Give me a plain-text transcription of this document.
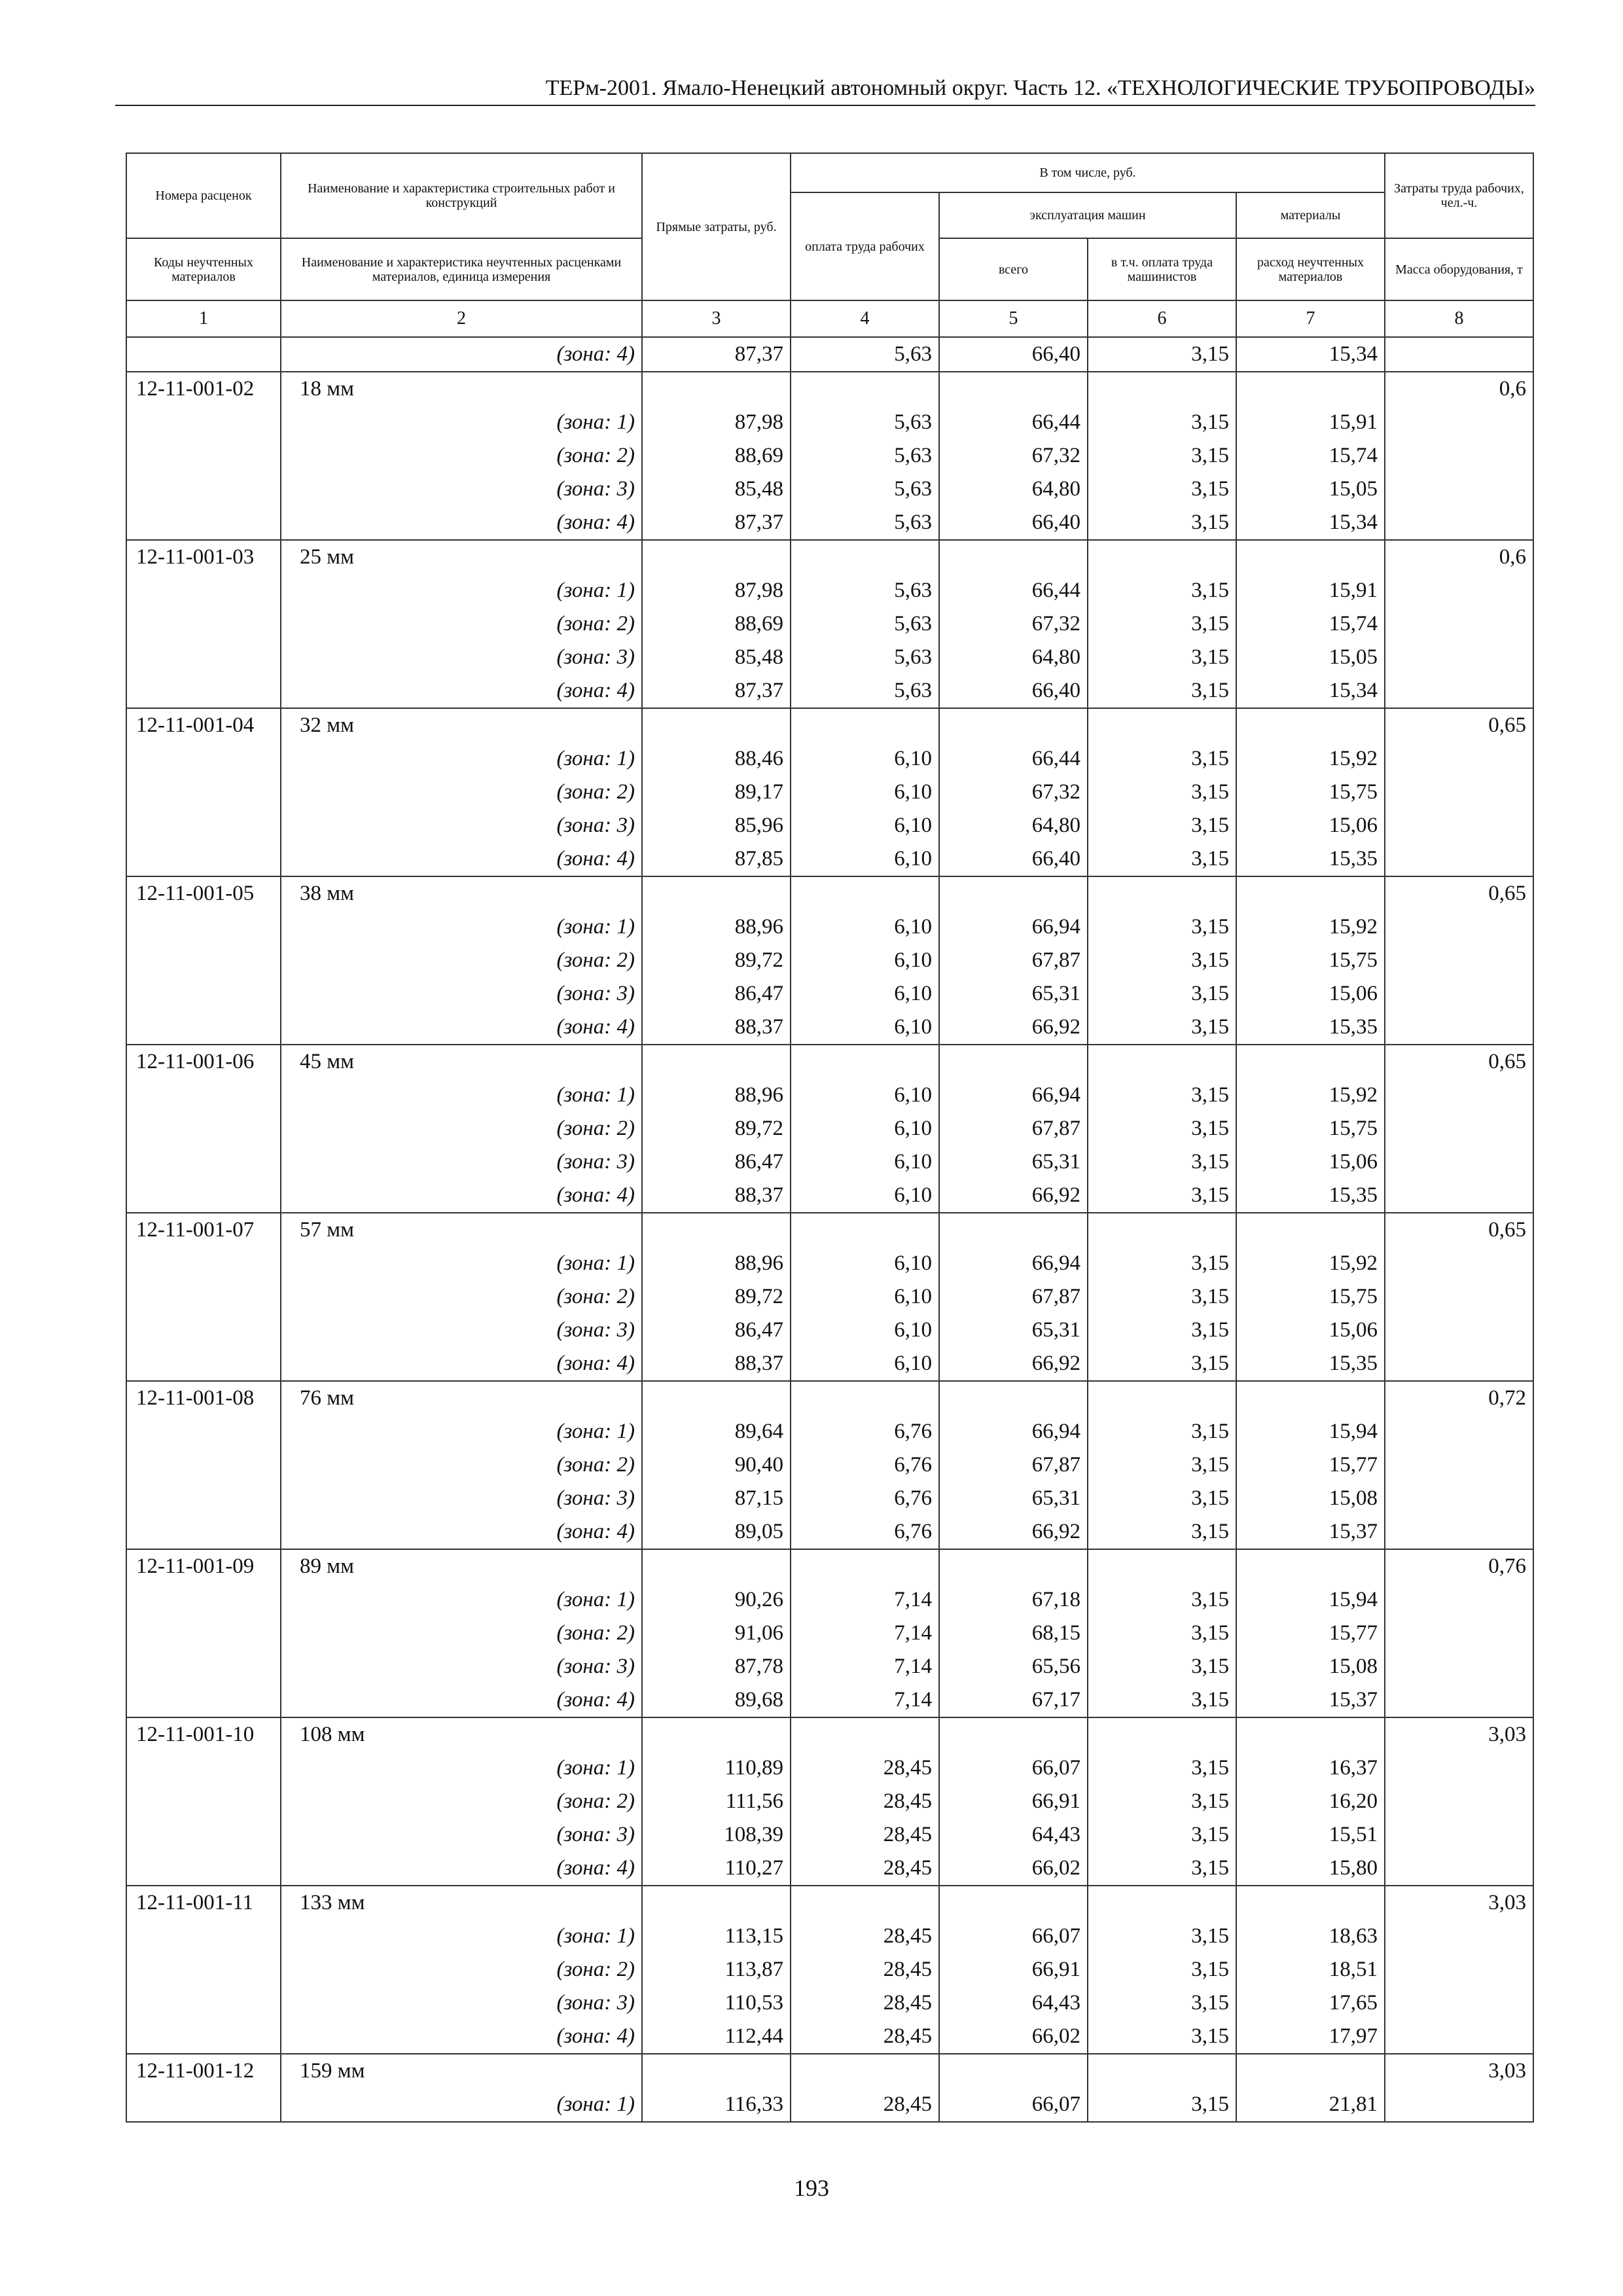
ТЕРм-2001. Ямало-Ненецкий автономный округ. Часть 12. «ТЕХНОЛОГИЧЕСКИЕ ТРУБОПРОВОДЫ»
Номера расценок	Наименование и характеристика строительных работ и конструкций	Прямые затраты, руб.	В том числе, руб.				Затраты труда рабочих, чел.-ч.
			оплата труда рабочих	эксплуатация машин		материалы	
Коды неучтенных материалов	Наименование и характеристика неучтенных расценками материалов, единица измерения			всего	в т.ч. оплата труда машинистов	расход неучтенных материалов	Масса оборудования, т
1	2	3	4	5	6	7	8
	(зона: 4)	87,37	5,63	66,40	3,15	15,34	
12-11-001-02	18 мм						0,6
	(зона: 1)	87,98	5,63	66,44	3,15	15,91	
	(зона: 2)	88,69	5,63	67,32	3,15	15,74	
	(зона: 3)	85,48	5,63	64,80	3,15	15,05	
	(зона: 4)	87,37	5,63	66,40	3,15	15,34	
12-11-001-03	25 мм						0,6
	(зона: 1)	87,98	5,63	66,44	3,15	15,91	
	(зона: 2)	88,69	5,63	67,32	3,15	15,74	
	(зона: 3)	85,48	5,63	64,80	3,15	15,05	
	(зона: 4)	87,37	5,63	66,40	3,15	15,34	
12-11-001-04	32 мм						0,65
	(зона: 1)	88,46	6,10	66,44	3,15	15,92	
	(зона: 2)	89,17	6,10	67,32	3,15	15,75	
	(зона: 3)	85,96	6,10	64,80	3,15	15,06	
	(зона: 4)	87,85	6,10	66,40	3,15	15,35	
12-11-001-05	38 мм						0,65
	(зона: 1)	88,96	6,10	66,94	3,15	15,92	
	(зона: 2)	89,72	6,10	67,87	3,15	15,75	
	(зона: 3)	86,47	6,10	65,31	3,15	15,06	
	(зона: 4)	88,37	6,10	66,92	3,15	15,35	
12-11-001-06	45 мм						0,65
	(зона: 1)	88,96	6,10	66,94	3,15	15,92	
	(зона: 2)	89,72	6,10	67,87	3,15	15,75	
	(зона: 3)	86,47	6,10	65,31	3,15	15,06	
	(зона: 4)	88,37	6,10	66,92	3,15	15,35	
12-11-001-07	57 мм						0,65
	(зона: 1)	88,96	6,10	66,94	3,15	15,92	
	(зона: 2)	89,72	6,10	67,87	3,15	15,75	
	(зона: 3)	86,47	6,10	65,31	3,15	15,06	
	(зона: 4)	88,37	6,10	66,92	3,15	15,35	
12-11-001-08	76 мм						0,72
	(зона: 1)	89,64	6,76	66,94	3,15	15,94	
	(зона: 2)	90,40	6,76	67,87	3,15	15,77	
	(зона: 3)	87,15	6,76	65,31	3,15	15,08	
	(зона: 4)	89,05	6,76	66,92	3,15	15,37	
12-11-001-09	89 мм						0,76
	(зона: 1)	90,26	7,14	67,18	3,15	15,94	
	(зона: 2)	91,06	7,14	68,15	3,15	15,77	
	(зона: 3)	87,78	7,14	65,56	3,15	15,08	
	(зона: 4)	89,68	7,14	67,17	3,15	15,37	
12-11-001-10	108 мм						3,03
	(зона: 1)	110,89	28,45	66,07	3,15	16,37	
	(зона: 2)	111,56	28,45	66,91	3,15	16,20	
	(зона: 3)	108,39	28,45	64,43	3,15	15,51	
	(зона: 4)	110,27	28,45	66,02	3,15	15,80	
12-11-001-11	133 мм						3,03
	(зона: 1)	113,15	28,45	66,07	3,15	18,63	
	(зона: 2)	113,87	28,45	66,91	3,15	18,51	
	(зона: 3)	110,53	28,45	64,43	3,15	17,65	
	(зона: 4)	112,44	28,45	66,02	3,15	17,97	
12-11-001-12	159 мм						3,03
	(зона: 1)	116,33	28,45	66,07	3,15	21,81	
193
